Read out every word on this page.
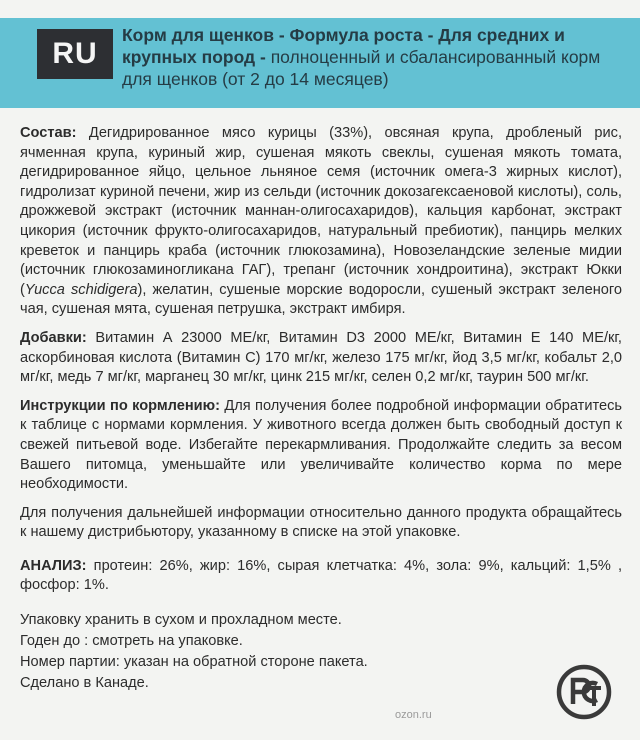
RU
Корм для щенков - Формула роста - Для средних и крупных пород - полноценный и сбалансированный корм для щенков (от 2 до 14 месяцев)

Состав: Дегидрированное мясо курицы (33%), овсяная крупа, дробленый рис, ячменная крупа, куриный жир, сушеная мякоть свеклы, сушеная мякоть томата, дегидрированное яйцо, цельное льняное семя (источник омега-3 жирных кислот), гидролизат куриной печени, жир из сельди (источник докозагексаеновой кислоты), соль, дрожжевой экстракт (источник маннан-олигосахаридов), кальция карбонат, экстракт цикория (источник фрукто-олигосахаридов, натуральный пребиотик), панцирь мелких креветок и панцирь краба (источник глюкозамина), Новозеландские зеленые мидии (источник глюкозаминогликана ГАГ), трепанг (источник хондроитина), экстракт Юкки (Yucca schidigera), желатин, сушеные морские водоросли, сушеный экстракт зеленого чая, сушеная мята, сушеная петрушка, экстракт имбиря.

Добавки: Витамин А 23000 МЕ/кг, Витамин D3 2000 МЕ/кг, Витамин Е 140 МЕ/кг, аскорбиновая кислота (Витамин С) 170 мг/кг, железо 175 мг/кг, йод 3,5 мг/кг, кобальт 2,0 мг/кг, медь 7 мг/кг, марганец 30 мг/кг, цинк 215 мг/кг, селен 0,2 мг/кг, таурин 500 мг/кг.

Инструкции по кормлению: Для получения более подробной информации обратитесь к таблице с нормами кормления. У животного всегда должен быть свободный доступ к свежей питьевой воде. Избегайте перекармливания. Продолжайте следить за весом Вашего питомца, уменьшайте или увеличивайте количество корма по мере необходимости.

Для получения дальнейшей информации относительно данного продукта обращайтесь к нашему дистрибьютору, указанному в списке на этой упаковке.

АНАЛИЗ: протеин: 26%, жир: 16%, сырая клетчатка: 4%, зола: 9%, кальций: 1,5% , фосфор: 1%.

Упаковку хранить в сухом и прохладном месте.
Годен до : смотреть на упаковке.
Номер партии: указан на обратной стороне пакета.
Сделано в Канаде.
ozon.ru
